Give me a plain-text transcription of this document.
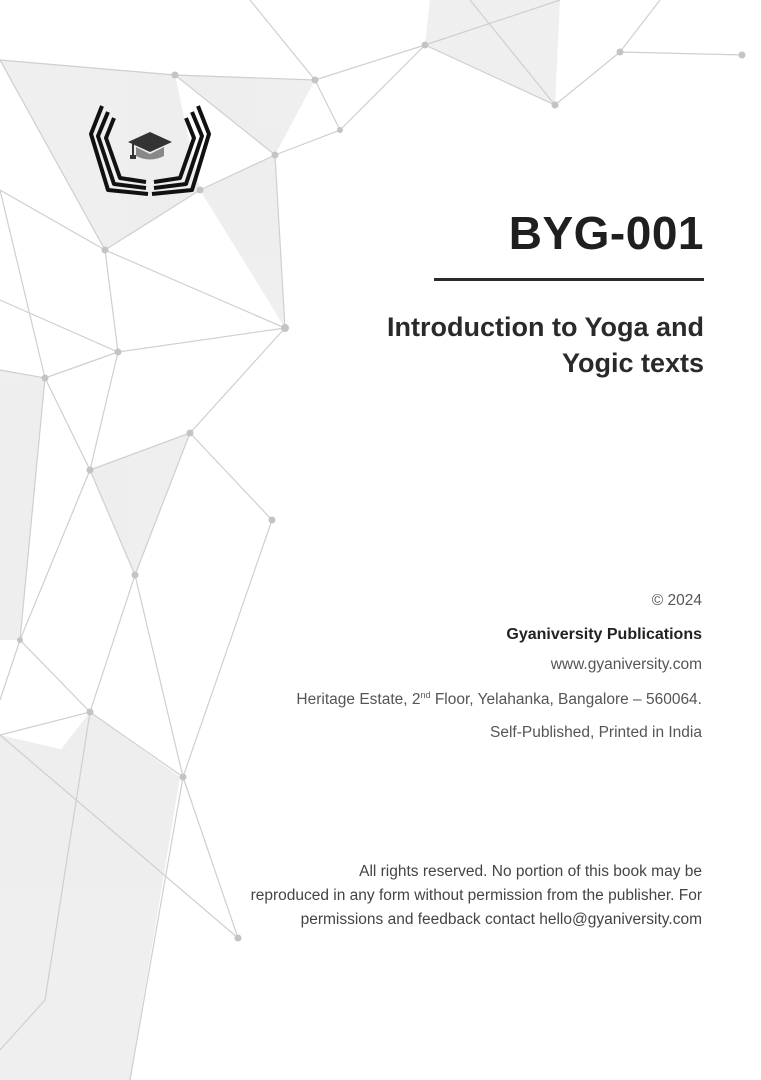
BYG-001
Introduction to Yoga and
Yogic texts
© 2024
Gyaniversity Publications
www.gyaniversity.com
Heritage Estate, 2nd Floor, Yelahanka, Bangalore – 560064.
Self-Published, Printed in India
All rights reserved. No portion of this book may be
reproduced in any form without permission from the publisher. For
permissions and feedback contact hello@gyaniversity.com
